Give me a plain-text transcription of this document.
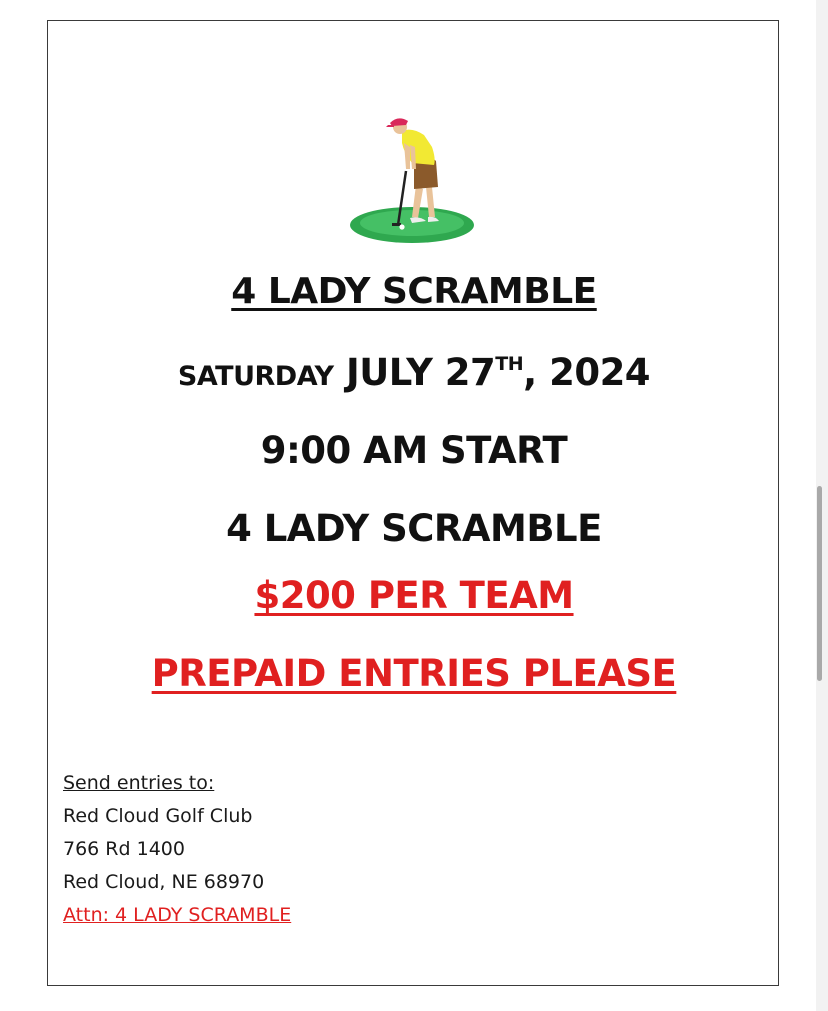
4 LADY SCRAMBLE
SATURDAY JULY 27TH, 2024
9:00 AM START
4 LADY SCRAMBLE
$200 PER TEAM
PREPAID ENTRIES PLEASE
Send entries to:
Red Cloud Golf Club
766 Rd 1400
Red Cloud, NE 68970
Attn: 4 LADY SCRAMBLE
